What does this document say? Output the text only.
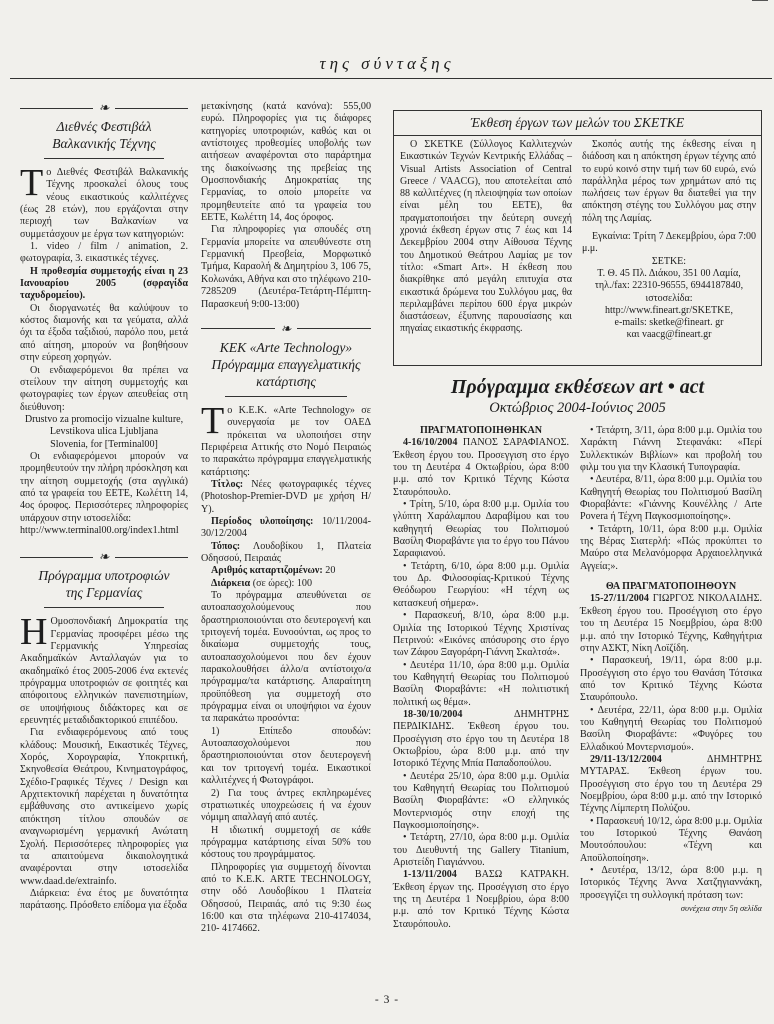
της σύνταξης
❧
Διεθνές Φεστιβάλ
Βαλκανικής Τέχνης
Τ ο Διεθνές Φεστιβάλ Βαλκανικής Τέχνης προσκαλεί όλους τους νέους εικαστικούς καλλιτέχνες (έως 28 ετών), που εργάζονται στην περιοχή των Βαλκανίων να συμμετάσχουν με έργα των κατηγοριών:

1. video / film / animation, 2. φωτογραφία, 3. εικαστικές τέχνες.

Η προθεσμία συμμετοχής είναι η 23 Ιανουαρίου 2005 (σφραγίδα ταχυδρομείου).

Οι διοργανωτές θα καλύψουν το κόστος διαμονής και τα γεύματα, αλλά όχι τα έξοδα ταξιδιού, παρόλο που, μετά από αίτηση, μπορούν να βοηθήσουν στην εύρεση χορηγών.

Οι ενδιαφερόμενοι θα πρέπει να στείλουν την αίτηση συμμετοχής και φωτογραφίες των έργων απευθείας στη διεύθυνση:

Drustvo za promocijo vizualne kulture,

Levstikova ulica Ljubljana

Slovenia, for [Terminal00]

Οι ενδιαφερόμενοι μπορούν να προμηθευτούν την πλήρη πρόσκληση και την αίτηση συμμετοχής (στα αγγλικά) από τα γραφεία του ΕΕΤΕ, Κωλέττη 14, 4ος όροφος. Περισσότερες πληροφορίες υπάρχουν στην ιστοσελίδα:

http://www.terminal00.org/index1.html

❧
Πρόγραμμα υποτροφιών
της Γερμανίας
Η Ομοσπονδιακή Δημοκρατία της Γερμανίας προσφέρει μέσω της Γερμανικής Υπηρεσίας Ακαδημαϊκών Ανταλλαγών για το ακαδημαϊκό έτος 2005-2006 ένα εκτενές πρόγραμμα υποτροφιών σε φοιτητές και απόφοιτους ελληνικών πανεπιστημίων, σε υποψήφιους διδάκτορες και σε ερευνητές μεταδιδακτορικού επιπέδου.

Για ενδιαφερόμενους από τους κλάδους: Μουσική, Εικαστικές Τέχνες, Χορός, Χορογραφία, Υποκριτική, Σκηνοθεσία Θεάτρου, Κινηματογράφος, Σχέδιο-Γραφικές Τέχνες / Design και Αρχιτεκτονική παρέχεται η δυνατότητα εμβάθυνσης στο αντικείμενο χωρίς απόκτηση τίτλου σπουδών σε αναγνωρισμένη γερμανική Ανώτατη Σχολή. Περισσότερες πληροφορίες για τα απαιτούμενα δικαιολογητικά αναφέρονται στην ιστοσελίδα www.daad.de/extrainfo.

Διάρκεια: ένα έτος με δυνατότητα παράτασης. Πρόσθετο επίδομα για έξοδα

μετακίνησης (κατά κανόνα): 555,00 ευρώ. Πληροφορίες για τις διάφορες κατηγορίες υποτροφιών, καθώς και οι αντίστοιχες προθεσμίες υποβολής των αιτήσεων αναφέρονται στο παράρτημα της διακοίνωσης της πρεβείας της Ομοσπονδιακής Δημοκρατίας της Γερμανίας, το οποίο μπορείτε να προμηθευτείτε από τα γραφεία του ΕΕΤΕ, Κωλέττη 14, 4ος όροφος.

Για πληροφορίες για σπουδές στη Γερμανία μπορείτε να απευθύνεστε στη Γερμανική Πρεσβεία, Μορφωτικό Τμήμα, Καραολή & Δημητρίου 3, 106 75, Κολωνάκι, Αθήνα και στο τηλέφωνο 210-7285209 (Δευτέρα-Τετάρτη-Πέμπτη-Παρασκευή 9:00-13:00)

❧
ΚΕΚ «Arte Technology»
Πρόγραμμα επαγγελματικής
κατάρτισης
Τ ο Κ.Ε.Κ. «Arte Technology» σε συνεργασία με τον ΟΑΕΔ πρόκειται να υλοποιήσει στην Περιφέρεια Αττικής στο Νομό Πειραιώς το παρακάτω πρόγραμμα επαγγελματικής κατάρτισης:

Τίτλος: Νέες φωτογραφικές τέχνες (Photoshop-Premier-DVD με χρήση Η/Υ).

Περίοδος υλοποίησης: 10/11/2004-30/12/2004

Τόπος: Λουδοβίκου 1, Πλατεία Οδησσού, Πειραιάς

Αριθμός καταρτιζομένων: 20

Διάρκεια (σε ώρες): 100

Το πρόγραμμα απευθύνεται σε αυτοαπασχολούμενους που δραστηριοποιούνται στο δευτερογενή και τριτογενή τομέα. Ευνοούνται, ως προς το δικαίωμα συμμετοχής τους, αυτοαπασχολούμενοι που δεν έχουν παρακολουθήσει άλλο/α αντίστοιχο/α πρόγραμμα/τα κατάρτισης. Απαραίτητη προϋπόθεση για συμμετοχή στο πρόγραμμα είναι οι υποψήφιοι να έχουν τα παρακάτω προσόντα:

1) Επίπεδο σπουδών: Αυτοαπασχολούμενοι που δραστηριοποιούνται στον δευτερογενή και τον τριτογενή τομέα. Εικαστικοί καλλιτέχνες ή Φωτογράφοι.

2) Για τους άντρες εκπληρωμένες στρατιωτικές υποχρεώσεις ή να έχουν νόμιμη απαλλαγή από αυτές.

Η ιδιωτική συμμετοχή σε κάθε πρόγραμμα κατάρτισης είναι 50% του κόστους του προγράμματος.

Πληροφορίες για συμμετοχή δίνονται από το Κ.Ε.Κ. ARTE TECHNOLOGY, στην οδό Λουδοβίκου 1 Πλατεία Οδησσού, Πειραιάς, από τις 9:30 έως 16:00 και στα τηλέφωνα 210-4174034, 210- 4174662.

Έκθεση έργων των μελών του ΣΚΕΤΚΕ

Ο ΣΚΕΤΚΕ (Σύλλογος Καλλιτεχνών Εικαστικών Τεχνών Κεντρικής Ελλάδας – Visual Artists Association of Central Greece / VAACG), που αποτελείται από 88 καλλιτέχνες (η πλειοψηφία των οποίων είναι μέλη του ΕΕΤΕ), θα πραγματοποιήσει την δεύτερη συνεχή χρονιά έκθεση έργων στις 7 έως και 14 Δεκεμβρίου 2004 στην Αίθουσα Τέχνης του Δημοτικού Θεάτρου Λαμίας με τον τίτλο: «Smart Art». Η έκθεση που διακρίθηκε από μεγάλη επιτυχία στα εικαστικά δρώμενα του Συλλόγου μας, θα περιλαμβάνει περίπου 600 έργα μικρών διαστάσεων, έξυπνης παρουσίασης και πηγαίας εικαστικής έκφρασης.

Σκοπός αυτής της έκθεσης είναι η διάδοση και η απόκτηση έργων τέχνης από το ευρύ κοινό στην τιμή των 60 ευρώ, ενώ παράλληλα μέρος των χρημάτων από τις πωλήσεις των έργων θα διατεθεί για την απόκτηση στέγης του Συλλόγου μας στην πόλη της Λαμίας.

Εγκαίνια: Τρίτη 7 Δεκεμβρίου, ώρα 7:00 μ.μ.

ΣΕΤΚΕ:

Τ. Θ. 45 Πλ. Διάκου, 351 00 Λαμία,

τηλ./fax: 22310-96555, 6944187840,

ιστοσελίδα:

http://www.fineart.gr/SKETKE,

e-mails: sketke@fineart. gr

και vaacg@fineart.gr

Πρόγραμμα εκθέσεων art • act
Οκτώβριος 2004-Ιούνιος 2005

ΠΡΑΓΜΑΤΟΠΟΙΗΘΗΚΑΝ

4-16/10/2004 ΠΑΝΟΣ ΣΑΡΑΦΙΑΝΟΣ. Έκθεση έργου του. Προσεγγιση στο έργο του τη Δευτέρα 4 Οκτωβρίου, ώρα 8:00 μ.μ. από τον Κριτικό Τέχνης Κώστα Σταυρόπουλο.

• Τρίτη, 5/10, ώρα 8:00 μ.μ. Ομιλία του γλύπτη Χαράλαμπου Δαραβίμου και του καθηγητή Θεωρίας του Πολιτισμού Βασίλη Φιοραβάντε για το έργο του Πάνου Σαραφιανού.

• Τετάρτη, 6/10, ώρα 8:00 μ.μ. Ομιλία του Δρ. Φιλοσοφίας-Κριτικού Τέχνης Θεόδωρου Γεωργίου: «Η τέχνη ως κατασκευή σήμερα».

• Παρασκευή, 8/10, ώρα 8:00 μ.μ. Ομιλία της Ιστορικού Τέχνης Χριστίνας Πετρινού: «Εικόνες απόσυρσης στο έργο των Ζάφου Ξαγοράρη-Γιάννη Σκαλτσά».

• Δευτέρα 11/10, ώρα 8:00 μ.μ. Ομιλία του Καθηγητή Θεωρίας του Πολιτισμού Βασίλη Φιοραβάντε: «Η πολιτιστική πολιτική ως θέμα».

18-30/10/2004 ΔΗΜΗΤΡΗΣ ΠΕΡΔΙΚΙΔΗΣ. Έκθεση έργου του. Προσέγγιση στο έργο του τη Δευτέρα 18 Οκτωβρίου, ώρα 8:00 μ.μ. από την Ιστορικό Τέχνης Μπία Παπαδοπούλου.

• Δευτέρα 25/10, ώρα 8:00 μ.μ. Ομιλία του Καθηγητή Θεωρίας του Πολιτισμού Βασίλη Φιοραβάντε: «Ο ελληνικός Μοντερνισμός στην εποχή της Παγκοσμιοποίησης».

• Τετάρτη, 27/10, ώρα 8:00 μ.μ. Ομιλία του Διευθυντή της Gallery Titanium, Αριστείδη Γιαγιάννου.

1-13/11/2004 ΒΑΣΩ ΚΑΤΡΑΚΗ. Έκθεση έργων της. Προσέγγιση στο έργο της τη Δευτέρα 1 Νοεμβρίου, ώρα 8:00 μ.μ. από τον Κριτικό Τέχνης Κώστα Σταυρόπουλο.

• Τετάρτη, 3/11, ώρα 8:00 μ.μ. Ομιλία του Χαράκτη Γιάννη Στεφανάκι: «Περί Συλλεκτικών Βιβλίων» και προβολή του φιλμ του για την Κλασική Τυπογραφία.

• Δευτέρα, 8/11, ώρα 8:00 μ.μ. Ομιλία του Καθηγητή Θεωρίας του Πολιτισμού Βασίλη Φιοραβάντε: «Γιάννης Κουνέλλης / Arte Povera ή Τέχνη Παγκοσμιοποίησης».

• Τετάρτη, 10/11, ώρα 8:00 μ.μ. Ομιλία της Βέρας Σιατερλή: «Πώς προκύπτει το Μαύρο στα Μελανόμορφα Αρχαιοελληνικά Αγγεία;».

ΘΑ ΠΡΑΓΜΑΤΟΠΟΙΗΘΟΥΝ

15-27/11/2004 ΓΙΩΡΓΟΣ ΝΙΚΟΛΑΙΔΗΣ. Έκθεση έργου του. Προσέγγιση στο έργο του τη Δευτέρα 15 Νοεμβρίου, ώρα 8:00 μ.μ. από την Ιστορικό Τέχνης, Καθηγήτρια στην ΑΣΚΤ, Νίκη Λοϊζίδη.

• Παρασκευή, 19/11, ώρα 8:00 μ.μ. Προσέγγιση στο έργο του Θανάση Τότσικα από τον Κριτικό Τέχνης Κώστα Σταυρόπουλο.

• Δευτέρα, 22/11, ώρα 8:00 μ.μ. Ομιλία του Καθηγητή Θεωρίας του Πολιτισμού Βασίλη Φιοραβάντε: «Φυγόρες του Ελλαδικού Μοντερνισμού».

29/11-13/12/2004 ΔΗΜΗΤΡΗΣ ΜΥΤΑΡΑΣ. Έκθεση έργων του. Προσέγγιση στο έργο του τη Δευτέρα 29 Νοεμβρίου, ώρα 8:00 μ.μ. από την Ιστορικό Τέχνης Λίμπερτη Πολύζου.

• Παρασκευή 10/12, ώρα 8:00 μ.μ. Ομιλία του Ιστορικού Τέχνης Θανάση Μουτσόπουλου: «Τέχνη και Αποϋλοποίηση».

• Δευτέρα, 13/12, ώρα 8:00 μ.μ. η Ιστορικός Τέχνης Άννα Χατζηγιαννάκη, προσεγγίζει τη συλλογική πρόταση των:

συνέχεια στην 5η σελίδα

- 3 -
